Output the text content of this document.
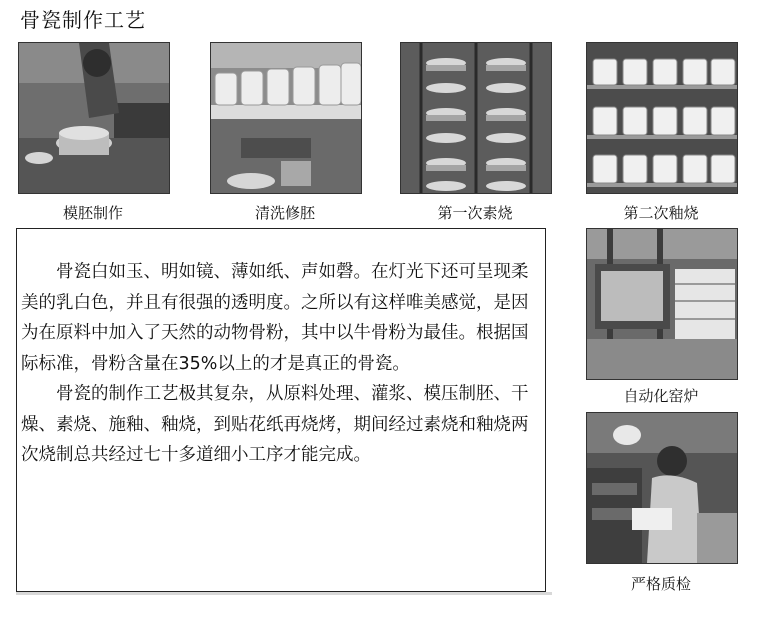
骨瓷制作工艺
模胚制作	清洗修胚	第一次素烧	第二次釉烧

骨瓷白如玉、明如镜、薄如纸、声如磬。在灯光下还可呈现柔美的乳白色，并且有很强的透明度。之所以有这样唯美感觉，是因为在原料中加入了天然的动物骨粉，其中以牛骨粉为最佳。根据国际标准，骨粉含量在35%以上的才是真正的骨瓷。

骨瓷的制作工艺极其复杂，从原料处理、灌浆、模压制胚、干燥、素烧、施釉、釉烧，到贴花纸再烧烤，期间经过素烧和釉烧两次烧制总共经过七十多道细小工序才能完成。

自动化窑炉
严格质检
